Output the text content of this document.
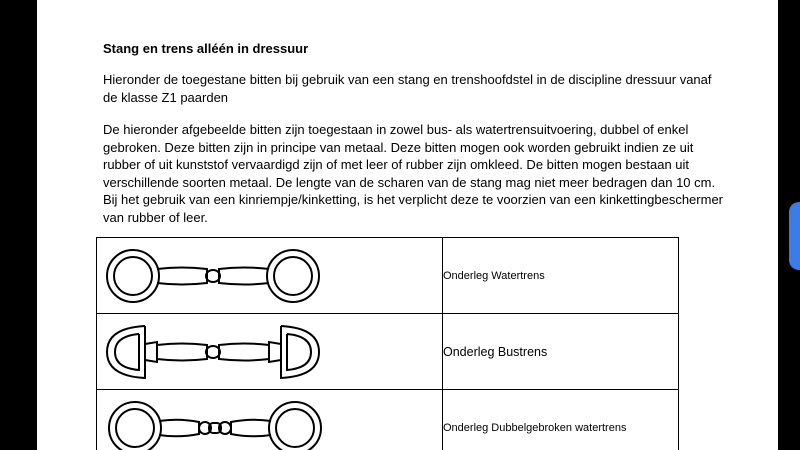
Stang en trens alléén in dressuur
Hieronder de toegestane bitten bij gebruik van een stang en trenshoofdstel in de discipline dressuur vanaf de klasse Z1 paarden
De hieronder afgebeelde bitten zijn toegestaan in zowel bus- als watertrensuitvoering, dubbel of enkel gebroken. Deze bitten zijn in principe van metaal. Deze bitten mogen ook worden gebruikt indien ze uit rubber of uit kunststof vervaardigd zijn of met leer of rubber zijn omkleed. De bitten mogen bestaan uit verschillende soorten metaal. De lengte van de scharen van de stang mag niet meer bedragen dan 10 cm. Bij het gebruik van een kinriempje/kinketting, is het verplicht deze te voorzien van een kinkettingbeschermer van rubber of leer.
	Onderleg Watertrens

	Onderleg Bustrens

	Onderleg Dubbelgebroken watertrens
